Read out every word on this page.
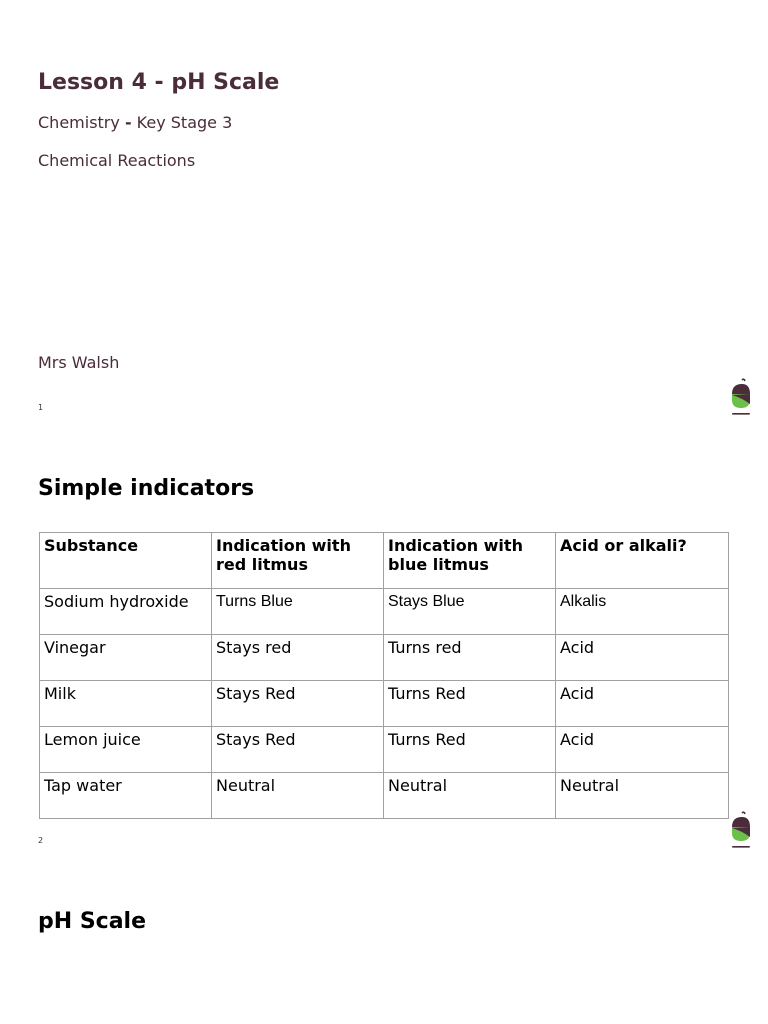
Lesson 4 - pH Scale
Chemistry - Key Stage 3
Chemical Reactions
Mrs Walsh
1
Simple indicators
Substance	Indication with red litmus	Indication with blue litmus	Acid or alkali?
Sodium hydroxide	Turns Blue	Stays Blue	Alkalis
Vinegar	Stays red	Turns red	Acid
Milk	Stays Red	Turns Red	Acid
Lemon juice	Stays Red	Turns Red	Acid
Tap water	Neutral	Neutral	Neutral
2
pH Scale
